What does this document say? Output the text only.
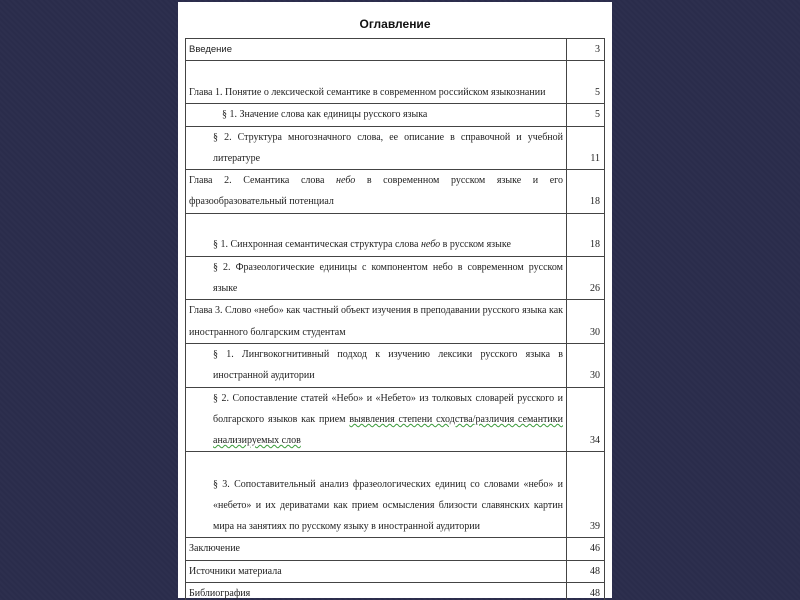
Оглавление
Введение	3
Глава 1. Понятие о лексической семантике в современном российском языкознании	5
§ 1. Значение слова как единицы русского языка	5
§ 2. Структура многозначного слова, ее описание в справочной и учебной литературе	11
Глава 2. Семантика слова небо в современном русском языке и его фразообразовательный потенциал	18
§ 1. Синхронная семантическая структура слова небо в русском языке	18
§ 2. Фразеологические единицы с компонентом небо в современном русском языке	26
Глава 3. Слово «небо» как частный объект изучения в преподавании русского языка как иностранного болгарским студентам	30
§ 1. Лингвокогнитивный подход к изучению лексики русского языка в иностранной аудитории	30
§ 2. Сопоставление статей «Небо» и «Небето» из толковых словарей русского и болгарского языков как прием выявления степени сходства/различия семантики анализируемых слов	34
§ 3. Сопоставительный анализ фразеологических единиц со словами «небо» и «небето» и их дериватами как прием осмысления близости славянских картин мира на занятиях по русскому языку в иностранной аудитории	39
Заключение	46
Источники материала	48
Библиография	48
